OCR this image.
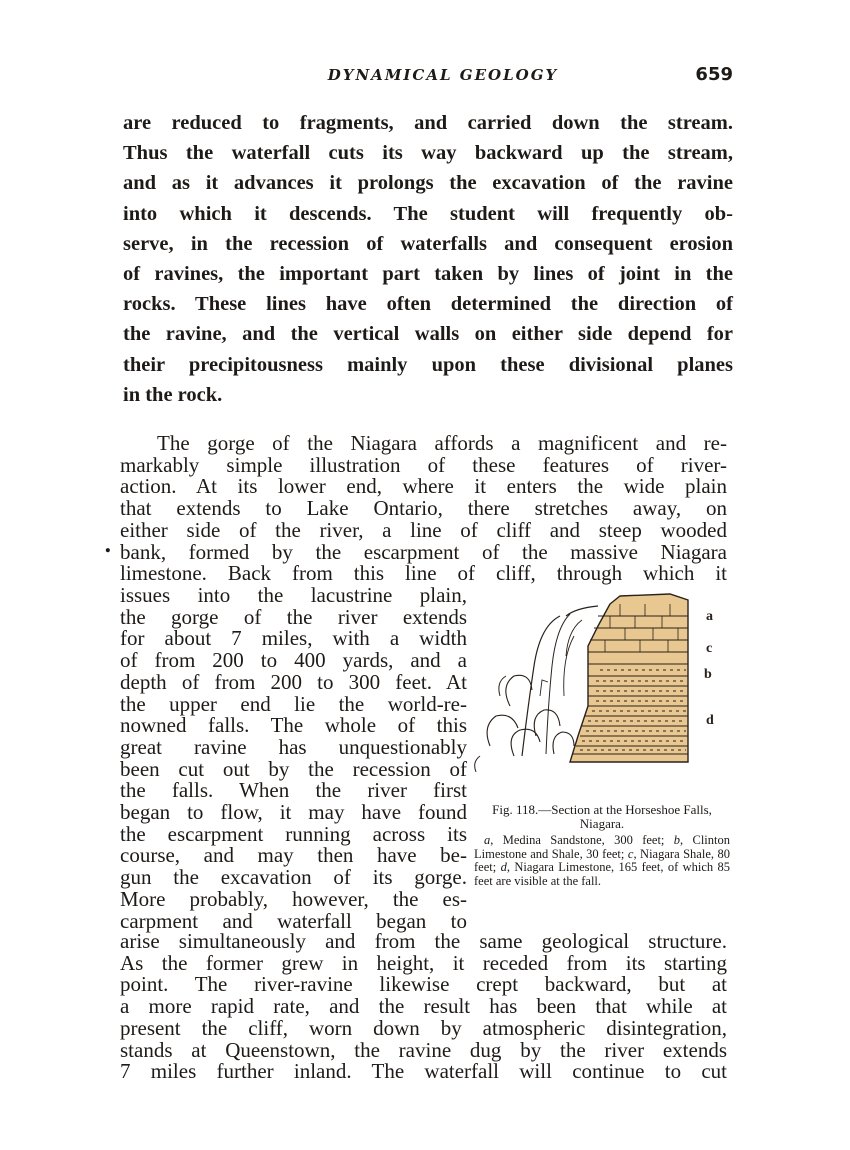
DYNAMICAL GEOLOGY	659
are reduced to fragments, and carried down the stream.
Thus the waterfall cuts its way backward up the stream,
and as it advances it prolongs the excavation of the ravine
into which it descends. The student will frequently ob-
serve, in the recession of waterfalls and consequent erosion
of ravines, the important part taken by lines of joint in the
rocks. These lines have often determined the direction of
the ravine, and the vertical walls on either side depend for
their precipitousness mainly upon these divisional planes
in the rock.
The gorge of the Niagara affords a magnificent and re-
markably simple illustration of these features of river-
action. At its lower end, where it enters the wide plain
that extends to Lake Ontario, there stretches away, on
either side of the river, a line of cliff and steep wooded
bank, formed by the escarpment of the massive Niagara
limestone. Back from this line of cliff, through which it
.
issues into the lacustrine plain,
the gorge of the river extends
for about 7 miles, with a width
of from 200 to 400 yards, and a
depth of from 200 to 300 feet. At
the upper end lie the world-re-
nowned falls. The whole of this
great ravine has unquestionably
been cut out by the recession of
the falls. When the river first
began to flow, it may have found
the escarpment running across its
course, and may then have be-
gun the excavation of its gorge.
More probably, however, the es-
carpment and waterfall began to
a
c
b
d
Fig. 118.—Section at the Horseshoe Falls, Niagara.
a, Medina Sandstone, 300 feet; b, Clinton Limestone and Shale, 30 feet; c, Niagara Shale, 80 feet; d, Niagara Limestone, 165 feet, of which 85 feet are visible at the fall.
arise simultaneously and from the same geological structure.
As the former grew in height, it receded from its starting
point. The river-ravine likewise crept backward, but at
a more rapid rate, and the result has been that while at
present the cliff, worn down by atmospheric disintegration,
stands at Queenstown, the ravine dug by the river extends
7 miles further inland. The waterfall will continue to cut
